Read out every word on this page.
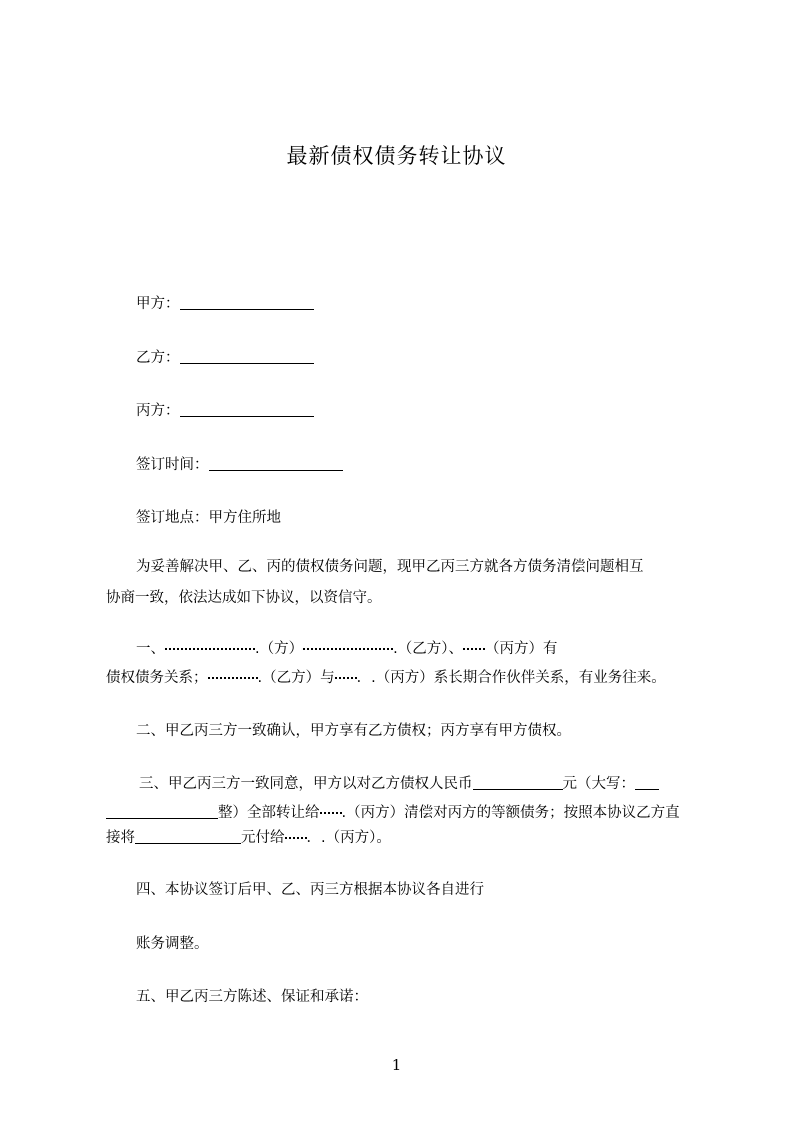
最新债权债务转让协议
甲方：
乙方：
丙方：
签订时间：
签订地点：甲方住所地
为妥善解决甲、乙、丙的债权债务问题，现甲乙丙三方就各方债务清偿问题相互
协商一致，依法达成如下协议，以资信守。
一、	.（方）	.（乙方）、 （丙方）有
债权债务关系；	.（乙方）与 ．.（丙方）系长期合作伙伴关系，有业务往来。
二、甲乙丙三方一致确认，甲方享有乙方债权；丙方享有甲方债权。
三、甲乙丙三方一致同意，甲方以对乙方债权人民币	元（大写：
整）全部转让给 .（丙方）清偿对丙方的等额债务；按照本协议乙方直
接将	元付给 ．.（丙方）。
四、本协议签订后甲、乙、丙三方根据本协议各自进行
账务调整。
五、甲乙丙三方陈述、保证和承诺：
1
